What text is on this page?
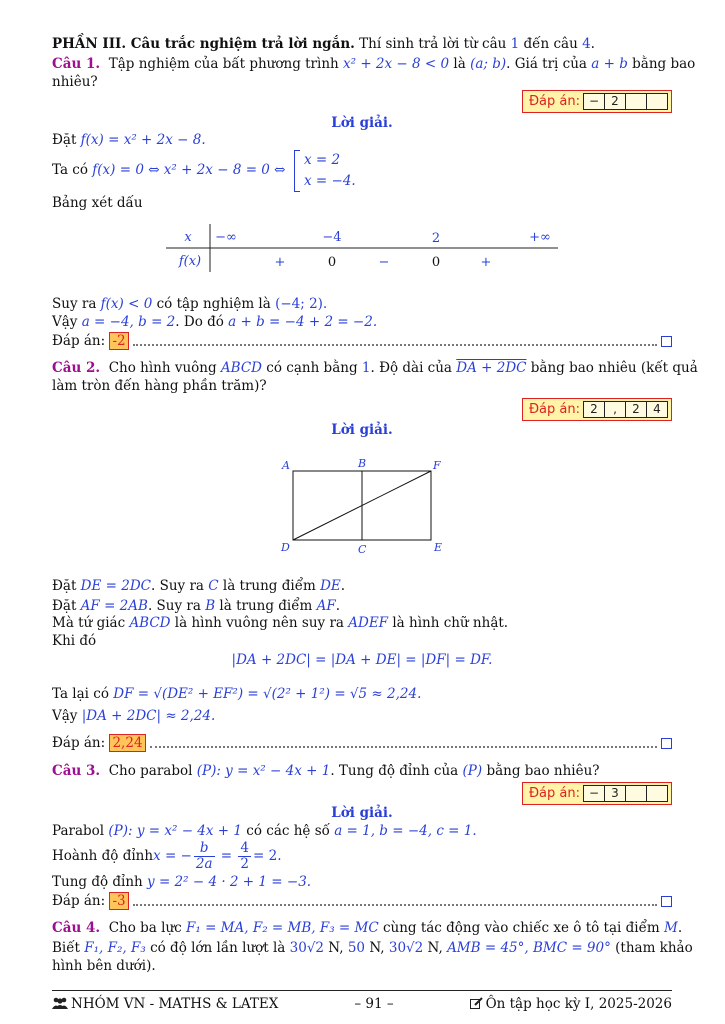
PHẦN III. Câu trắc nghiệm trả lời ngắn. Thí sinh trả lời từ câu 1 đến câu 4.
Câu 1. Tập nghiệm của bất phương trình x² + 2x − 8 < 0 là (a; b). Giá trị của a + b bằng bao
nhiêu?
Đáp án: −	2
Lời giải.
Đặt f(x) = x² + 2x − 8.
Ta có f(x) = 0 ⇔ x² + 2x − 8 = 0 ⇔
x = 2
x = −4.
Bảng xét dấu
x −∞	−4	2	+∞
f(x)	+	0	−	0	+
Suy ra f(x) < 0 có tập nghiệm là (−4; 2).
Vậy a = −4, b = 2. Do đó a + b = −4 + 2 = −2.
Đáp án:
-2
Câu 2. Cho hình vuông ABCD có cạnh bằng 1. Độ dài của DA + 2DC bằng bao nhiêu (kết quả
làm tròn đến hàng phần trăm)?
Đáp án: 2	,	2	4
Lời giải.
A	B	F
D	C	E
Đặt DE = 2DC. Suy ra C là trung điểm DE.
Đặt AF = 2AB. Suy ra B là trung điểm AF.
Mà tứ giác ABCD là hình vuông nên suy ra ADEF là hình chữ nhật.
Khi đó
|DA + 2DC| = |DA + DE| = |DF| = DF.
Ta lại có DF = √(DE² + EF²) = √(2² + 1²) = √5 ≈ 2,24.
Vậy |DA + 2DC| ≈ 2,24.
Đáp án:
2,24
Câu 3. Cho parabol (P): y = x² − 4x + 1. Tung độ đỉnh của (P) bằng bao nhiêu?
Đáp án: −	3
Lời giải.
Parabol (P): y = x² − 4x + 1 có các hệ số a = 1, b = −4, c = 1.
Hoành độ đỉnh x = − $\frac{b}{2a} = \frac{4}{2} = 2$.
Tung độ đỉnh y = 2² − 4 · 2 + 1 = −3.
Đáp án:
-3
Câu 4. Cho ba lực F₁ = MA, F₂ = MB, F₃ = MC cùng tác động vào chiếc xe ô tô tại điểm M.
Biết F₁, F₂, F₃ có độ lớn lần lượt là 30√2 N, 50 N, 30√2 N, AMB = 45°, BMC = 90° (tham khảo
hình bên dưới).
NHÓM VN - MATHS & LATEX	– 91 –	Ôn tập học kỳ I, 2025-2026
